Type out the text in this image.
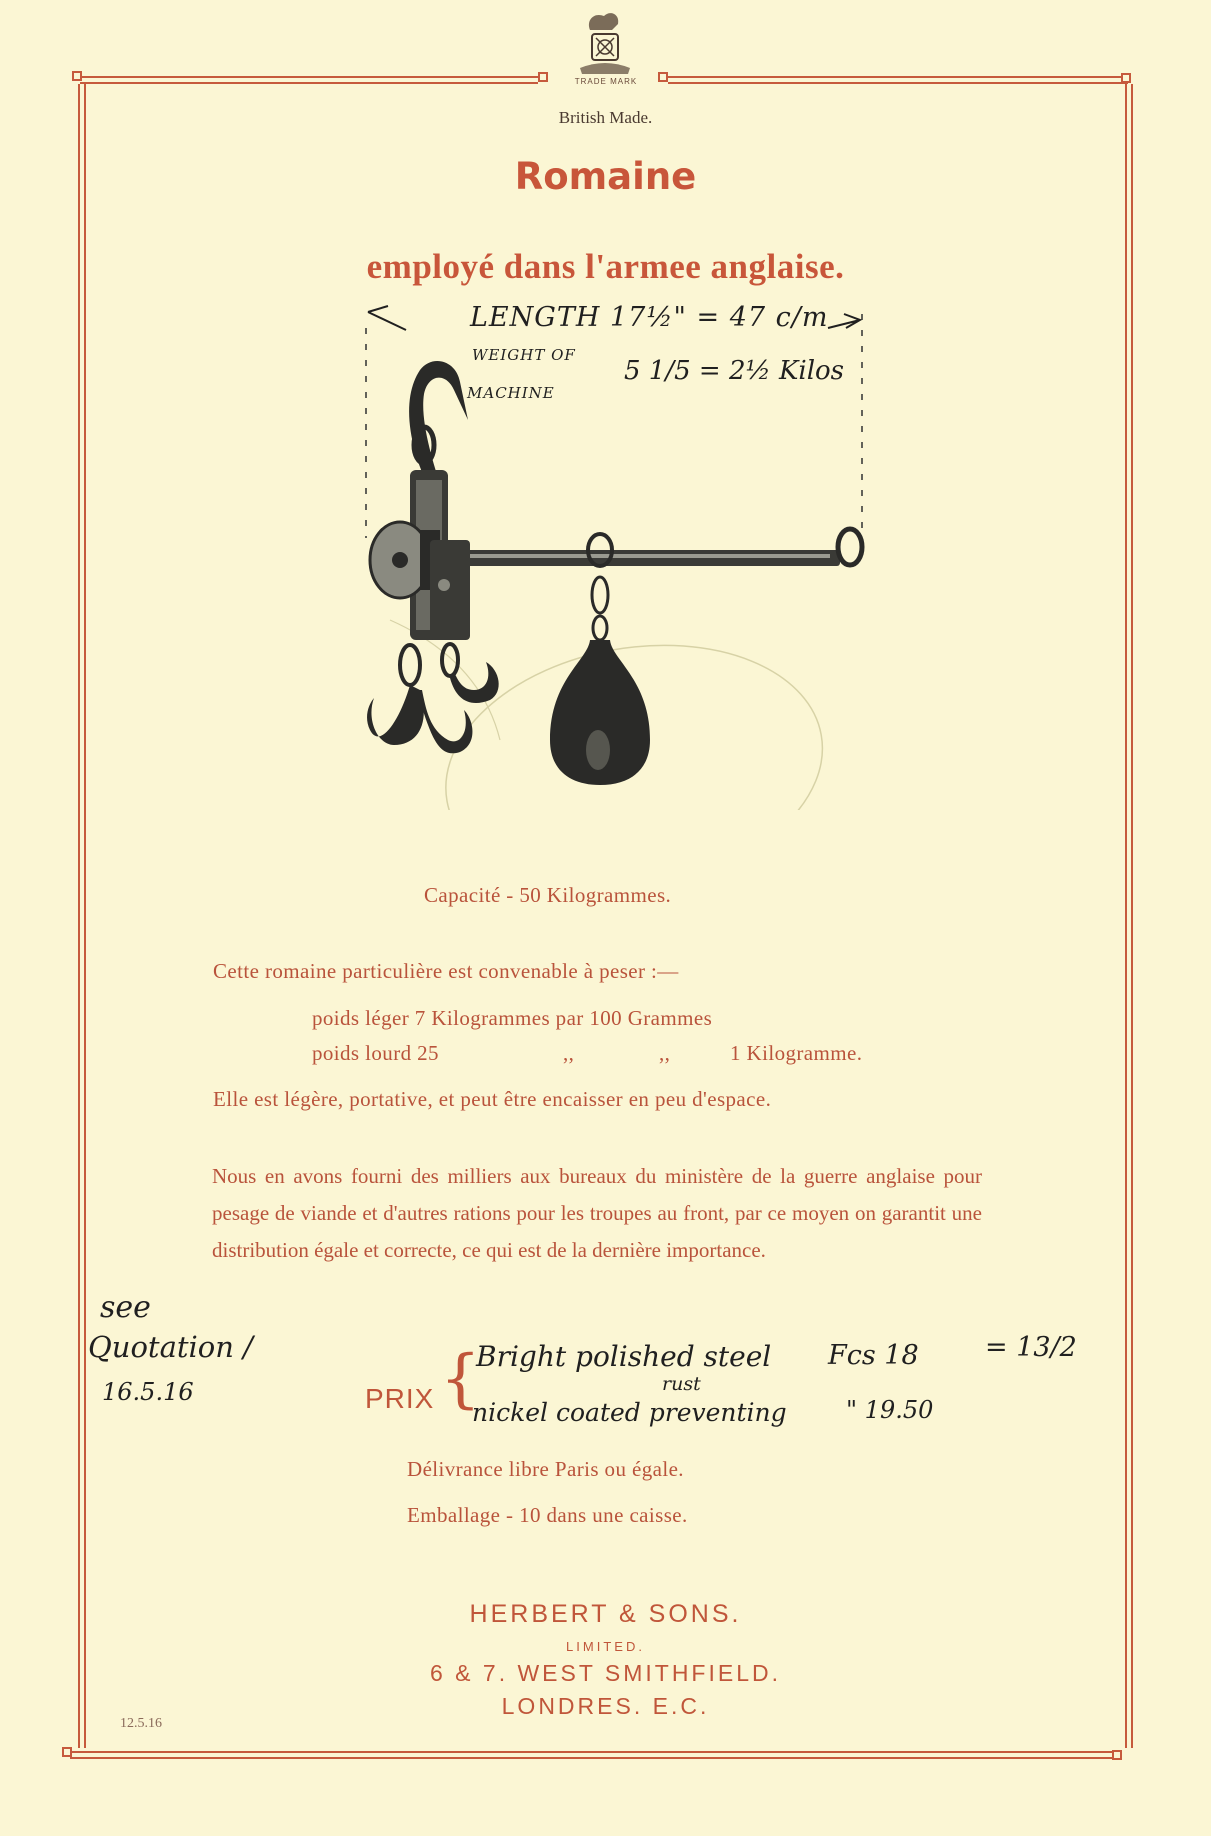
TRADE MARK
British Made.
Romaine
employé dans l'armee anglaise.
LENGTH 17½" = 47 c/m
WEIGHT OF
MACHINE
5 1/5 = 2½ Kilos
Capacité - 50 Kilogrammes.
Cette romaine particulière est convenable à peser :—
poids léger 7 Kilogrammes par 100 Grammes
poids lourd 25	,,	,,	1 Kilogramme.
Elle est légère, portative, et peut être encaisser en peu d'espace.
Nous en avons fourni des milliers aux bureaux du ministère de la guerre anglaise pour pesage de viande et d'autres rations pour les troupes au front, par ce moyen on garantit une distribution égale et correcte, ce qui est de la dernière importance.
see
Quotation /
16.5.16	PRIX {
Bright polished steel Fcs 18 = 13/2
rust
nickel coated preventing " 19.50
Délivrance libre Paris ou égale.
Emballage - 10 dans une caisse.
HERBERT & SONS.
LIMITED.
6 & 7. WEST SMITHFIELD.
LONDRES. E.C.
12.5.16
